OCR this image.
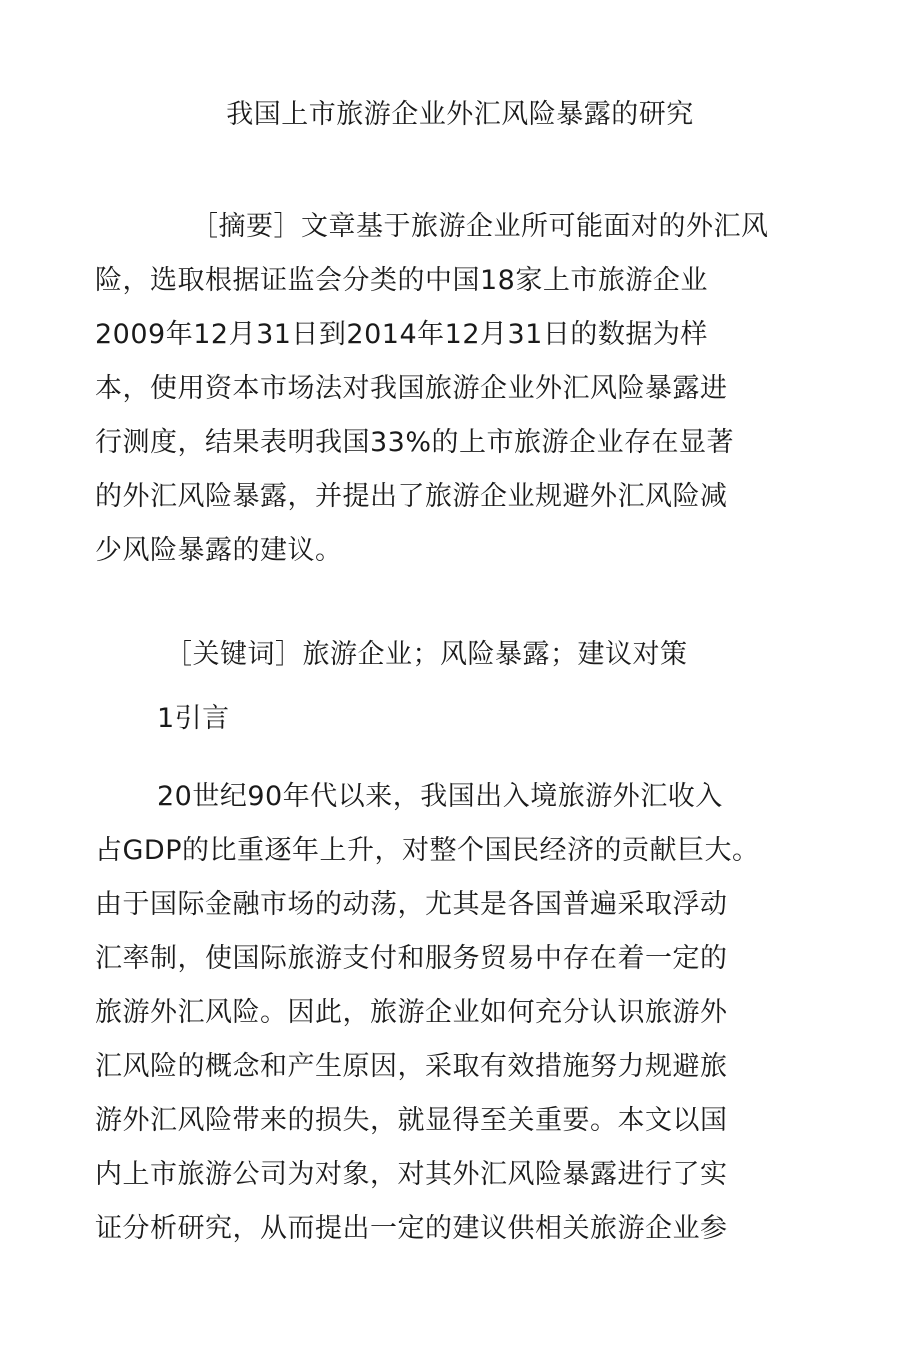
我国上市旅游企业外汇风险暴露的研究
［摘要］文章基于旅游企业所可能面对的外汇风
险，选取根据证监会分类的中国18家上市旅游企业
2009年12月31日到2014年12月31日的数据为样
本，使用资本市场法对我国旅游企业外汇风险暴露进
行测度，结果表明我国33%的上市旅游企业存在显著
的外汇风险暴露，并提出了旅游企业规避外汇风险减
少风险暴露的建议。
［关键词］旅游企业；风险暴露；建议对策
1引言
20世纪90年代以来，我国出入境旅游外汇收入
占GDP的比重逐年上升，对整个国民经济的贡献巨大。
由于国际金融市场的动荡，尤其是各国普遍采取浮动
汇率制，使国际旅游支付和服务贸易中存在着一定的
旅游外汇风险。因此，旅游企业如何充分认识旅游外
汇风险的概念和产生原因，采取有效措施努力规避旅
游外汇风险带来的损失，就显得至关重要。本文以国
内上市旅游公司为对象，对其外汇风险暴露进行了实
证分析研究，从而提出一定的建议供相关旅游企业参
